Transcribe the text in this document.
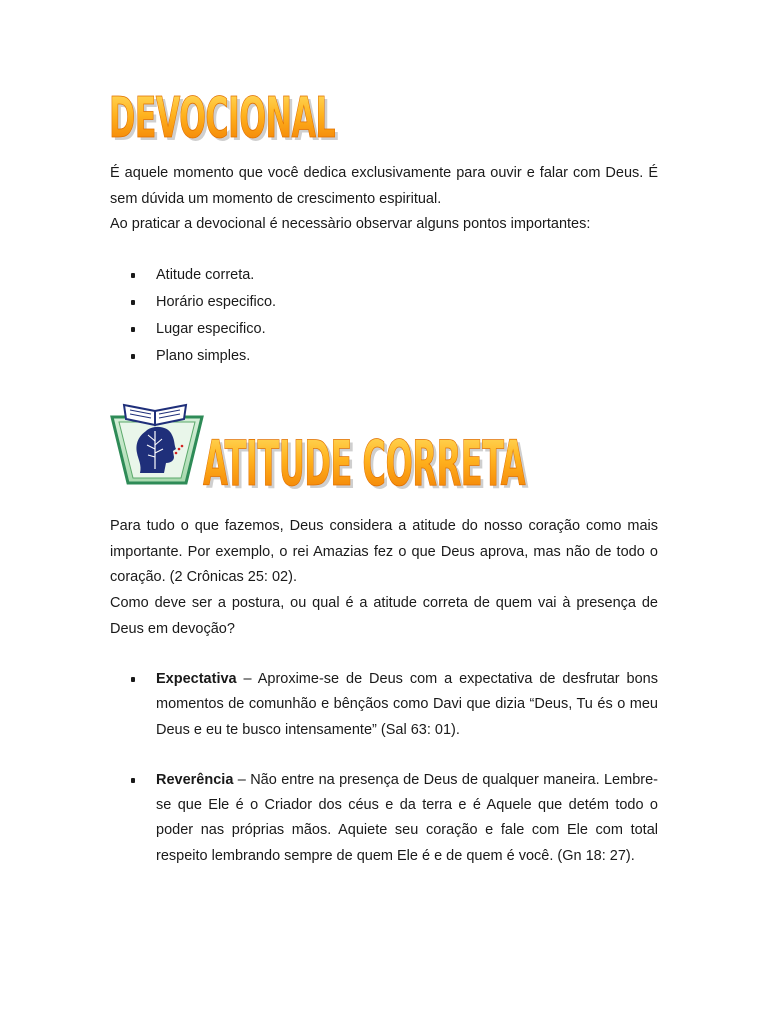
DEVOCIONAL
DEVOCIONAL

É aquele momento que você dedica exclusivamente para ouvir e falar com Deus. É sem dúvida um momento de crescimento espiritual.

Ao praticar a devocional é necessàrio observar alguns pontos importantes:

Atitude correta.
Horário especifico.
Lugar especifico.
Plano simples.
ATITUDE CORRETA
ATITUDE CORRETA

Para tudo o que fazemos, Deus considera a atitude do nosso coração como mais importante. Por exemplo, o rei Amazias fez o que Deus aprova, mas não de todo o coração. (2 Crônicas 25: 02).

Como deve ser a postura, ou qual é a atitude correta de quem vai à presença de Deus em devoção?

Expectativa – Aproxime-se de Deus com a expectativa de desfrutar bons momentos de comunhão e bênçãos como Davi que dizia “Deus, Tu és o meu Deus e eu te busco intensamente” (Sal 63: 01).
Reverência – Não entre na presença de Deus de qualquer maneira. Lembre-se que Ele é o Criador dos céus e da terra e é Aquele que detém todo o poder nas próprias mãos. Aquiete seu coração e fale com Ele com total respeito lembrando sempre de quem Ele é e de quem é você. (Gn 18: 27).
